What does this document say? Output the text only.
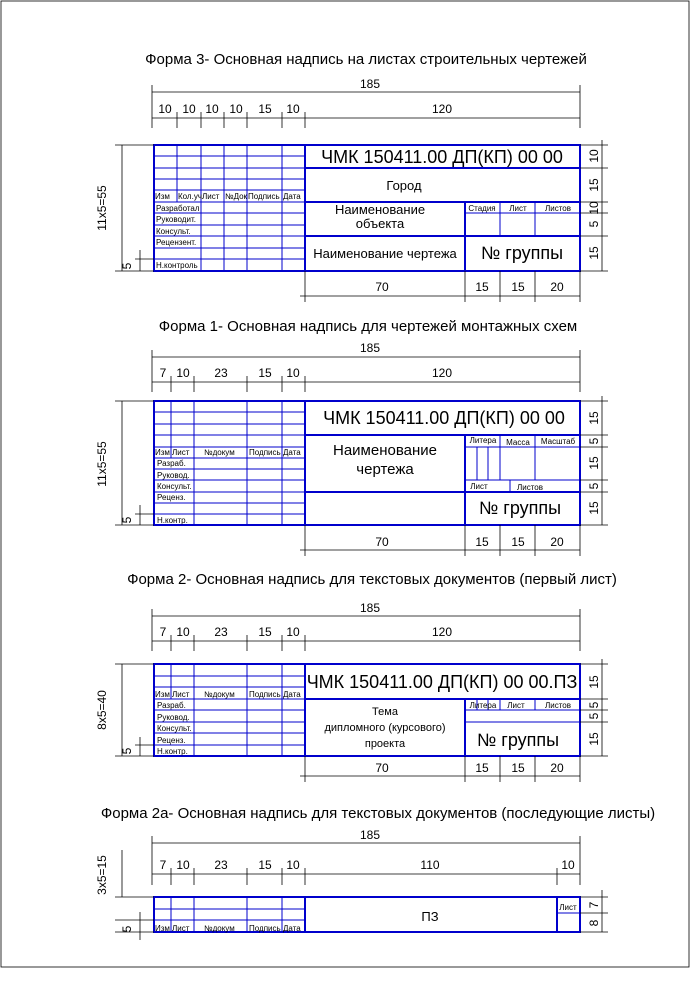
Форма 3- Основная надпись на листах строительных чертежей
185
10 10 10 10 15 10	120
Изм Кол.уч Лист №Док Подпись Дата
Разработал
Руководит.
Консульт.
Рецензент.
Н.контроль
ЧМК 150411.00 ДП(КП) 00 00
Город
Наименование объекта
Наименование чертежа № группы
Стадия Лист Листов
11х5=55
5
10
15
10
5
15
70	15 15 20
Форма 1- Основная надпись для чертежей монтажных схем
185
7 10 23	15 10	120
Изм Лист №докум Подпись Дата
Разраб.
Руковод.
Консульт.
Реценз.
Н.контр.
ЧМК 150411.00 ДП(КП) 00 00
Наименование чертежа
№ группы
Литера Масса Масштаб
Лист	Листов
11х5=55
5
15
5
15
5
15
70	15 15 20
Форма 2- Основная надпись для текстовых документов (первый лист)
185
7 10 23	15 10	120
Изм Лист №докум Подпись Дата
Разраб.
Руковод.
Консульт.
Реценз.
Н.контр.
ЧМК 150411.00 ДП(КП) 00 00.ПЗ
Тема
дипломного (курсового)
проекта	№ группы
Литера Лист	Листов
8х5=40
5
15
5
5
15
70	15 15 20
Форма 2а- Основная надпись для текстовых документов (последующие листы)
185
7 10 23	15 10	110	10
Изм Лист №докум Подпись Дата
ПЗ
Лист
3х5=15
5
7
8
